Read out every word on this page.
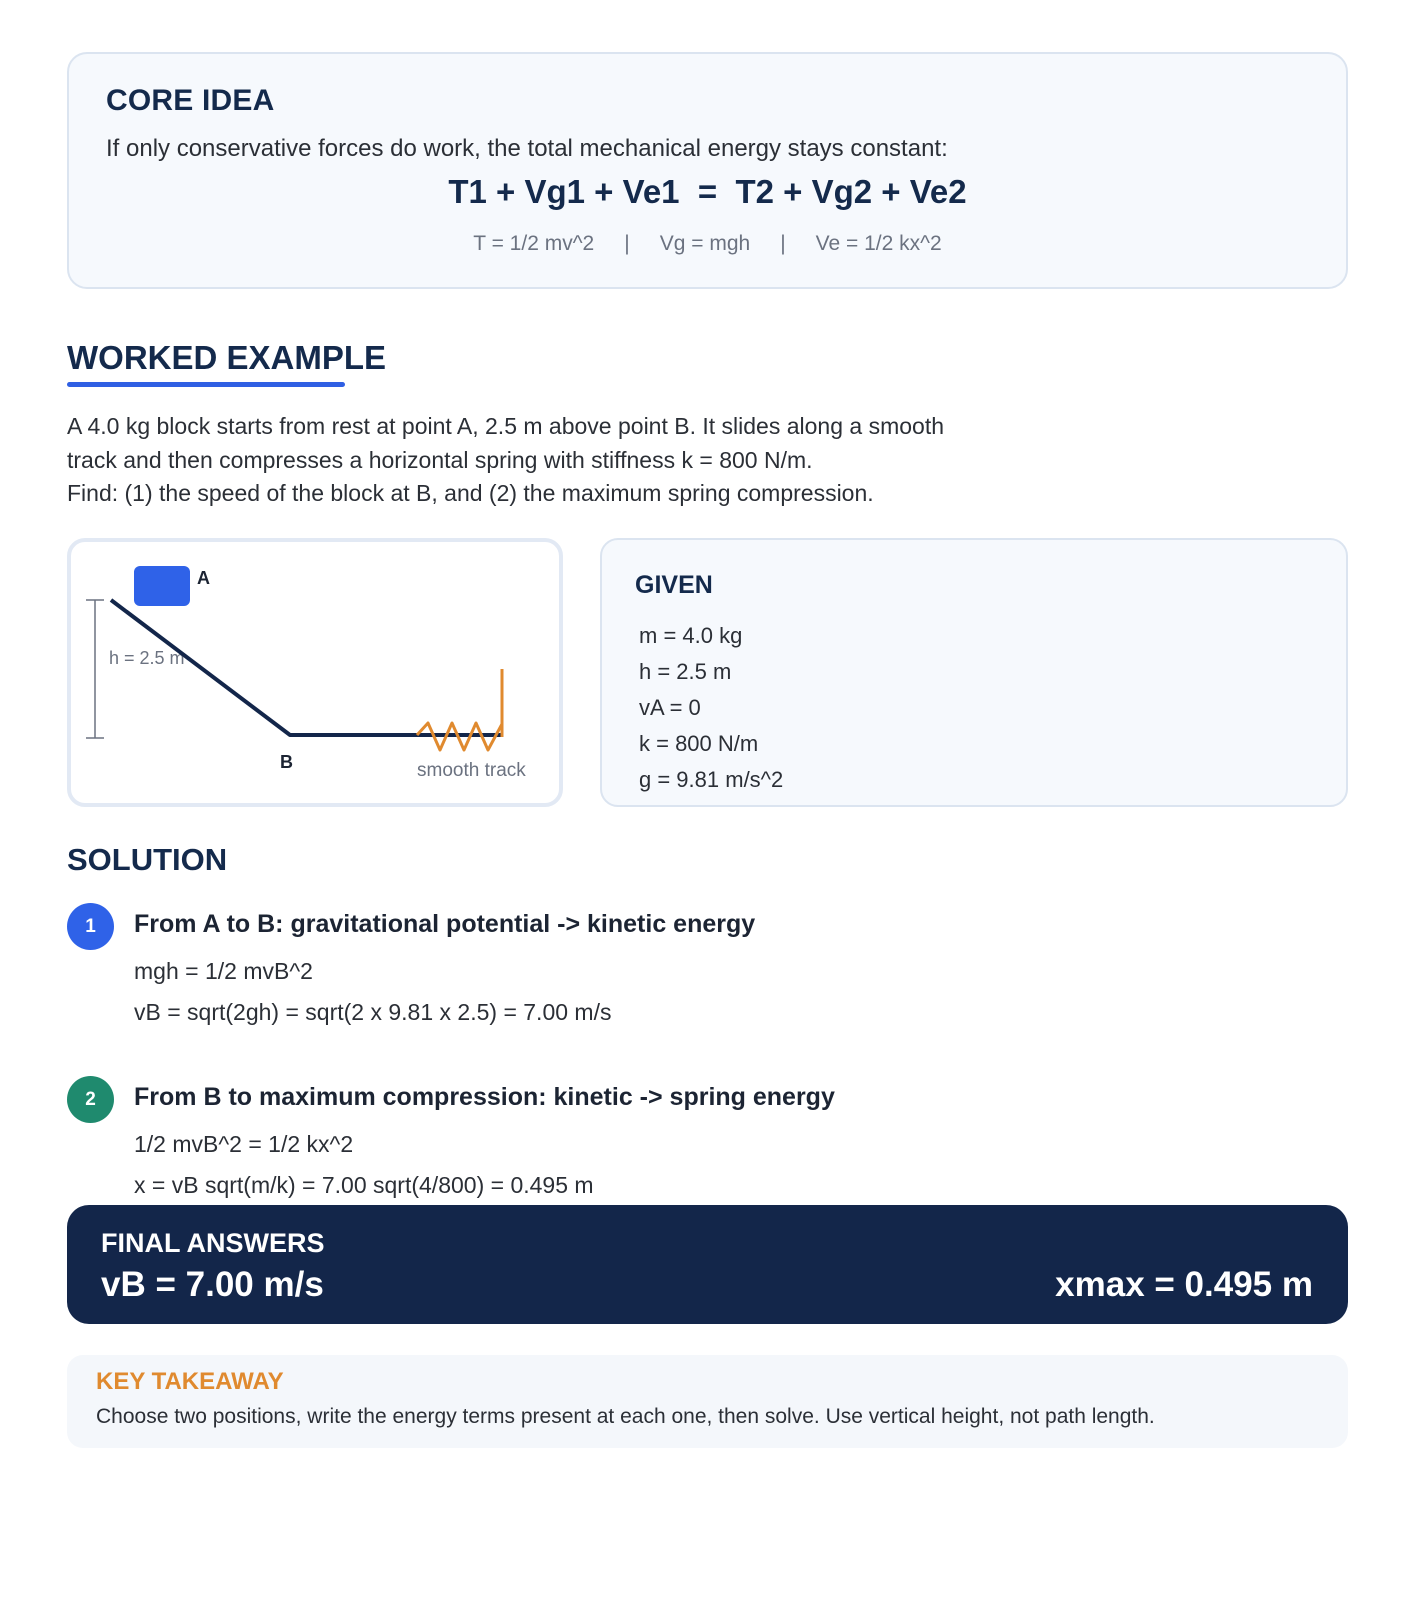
CORE IDEA
If only conservative forces do work, the total mechanical energy stays constant:
T1 + Vg1 + Ve1  =  T2 + Vg2 + Ve2
T = 1/2 mv^2 | Vg = mgh | Ve = 1/2 kx^2
WORKED EXAMPLE
A 4.0 kg block starts from rest at point A, 2.5 m above point B. It slides along a smooth
track and then compresses a horizontal spring with stiffness k = 800 N/m.
Find: (1) the speed of the block at B, and (2) the maximum spring compression.
A
h = 2.5 m
B	smooth track
GIVEN
m = 4.0 kg
h = 2.5 m
vA = 0
k = 800 N/m
g = 9.81 m/s^2
SOLUTION
1	From A to B: gravitational potential -> kinetic energy
mgh = 1/2 mvB^2
vB = sqrt(2gh) = sqrt(2 x 9.81 x 2.5) = 7.00 m/s
2	From B to maximum compression: kinetic -> spring energy
1/2 mvB^2 = 1/2 kx^2
x = vB sqrt(m/k) = 7.00 sqrt(4/800) = 0.495 m
FINAL ANSWERS
vB = 7.00 m/s	xmax = 0.495 m
KEY TAKEAWAY
Choose two positions, write the energy terms present at each one, then solve. Use vertical height, not path length.
